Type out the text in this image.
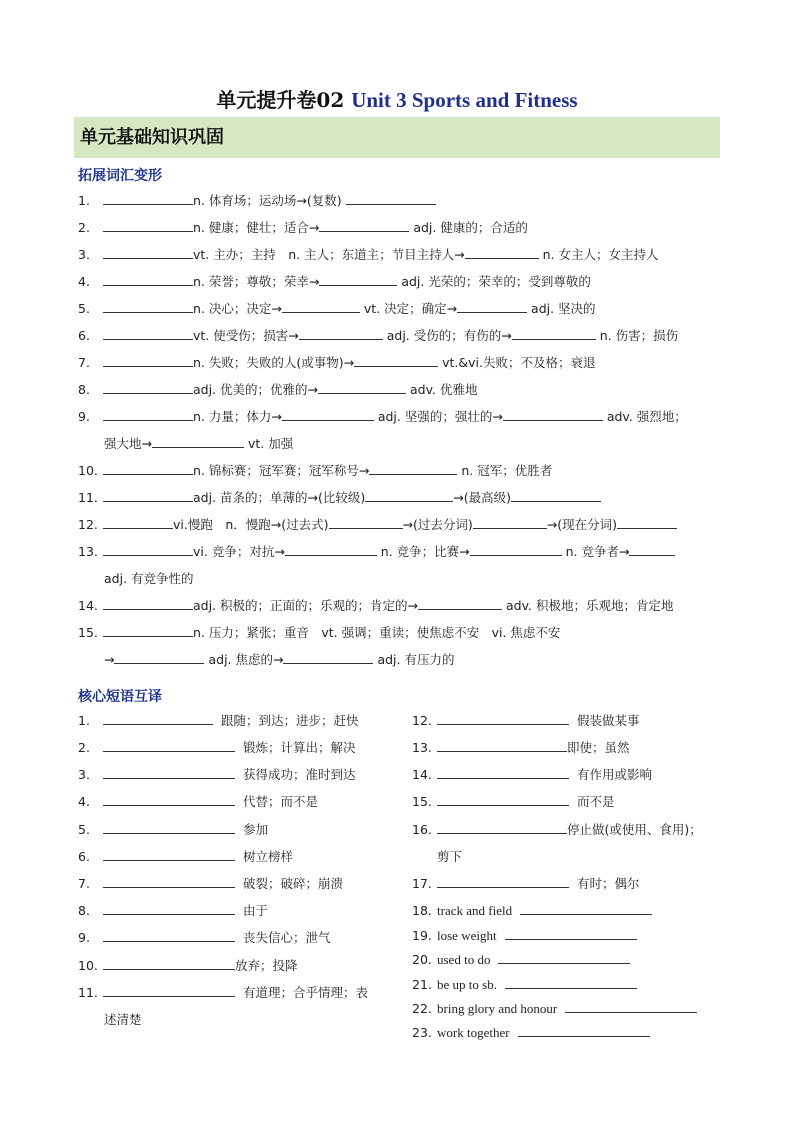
单元提升卷02 Unit 3 Sports and Fitness
单元基础知识巩固
拓展词汇变形
1.	n. 体育场；运动场→(复数)
2.	n. 健康；健壮；适合→	adj. 健康的；合适的
3.	vt. 主办；主持　n. 主人；东道主；节目主持人→	n. 女主人；女主持人
4.	n. 荣誉；尊敬；荣幸→	adj. 光荣的；荣幸的；受到尊敬的
5.	n. 决心；决定→	vt. 决定；确定→	adj. 坚决的
6.	vt. 使受伤；损害→	adj. 受伤的；有伤的→	n. 伤害；损伤
7.	n. 失败；失败的人(或事物)→	vt.&vi.失败；不及格；衰退
8.	adj. 优美的；优雅的→	adv. 优雅地
9.	n. 力量；体力→	adj. 坚强的；强壮的→	adv. 强烈地；
强大地→	vt. 加强
10.	n. 锦标赛；冠军赛；冠军称号→	n. 冠军；优胜者
11.	adj. 苗条的；单薄的→(比较级)	→(最高级)
12.	vi.慢跑　n．慢跑→(过去式)	→(过去分词)	→(现在分词)
13.	vi. 竞争；对抗→	n. 竞争；比赛→	n. 竞争者→
adj. 有竞争性的
14.	adj. 积极的；正面的；乐观的；肯定的→	adv. 积极地；乐观地；肯定地
15.	n. 压力；紧张；重音　vt. 强调；重读；使焦虑不安　vi. 焦虑不安
→	adj. 焦虑的→	adj. 有压力的
核心短语互译
1.	跟随；到达；进步；赶快
2.	锻炼；计算出；解决
3.	获得成功；准时到达
4.	代替；而不是
5.	参加
6.	树立榜样
7.	破裂；破碎；崩溃
8.	由于
9.	丧失信心；泄气
10.	放弃；投降
11.	有道理；合乎情理；表
述清楚
12.	假装做某事
13.	即使；虽然
14.	有作用或影响
15.	而不是
16.	停止做(或使用、食用)；
剪下
17.	有时；偶尔
18. track and field
19. lose weight
20. used to do
21. be up to sb.
22. bring glory and honour
23. work together
